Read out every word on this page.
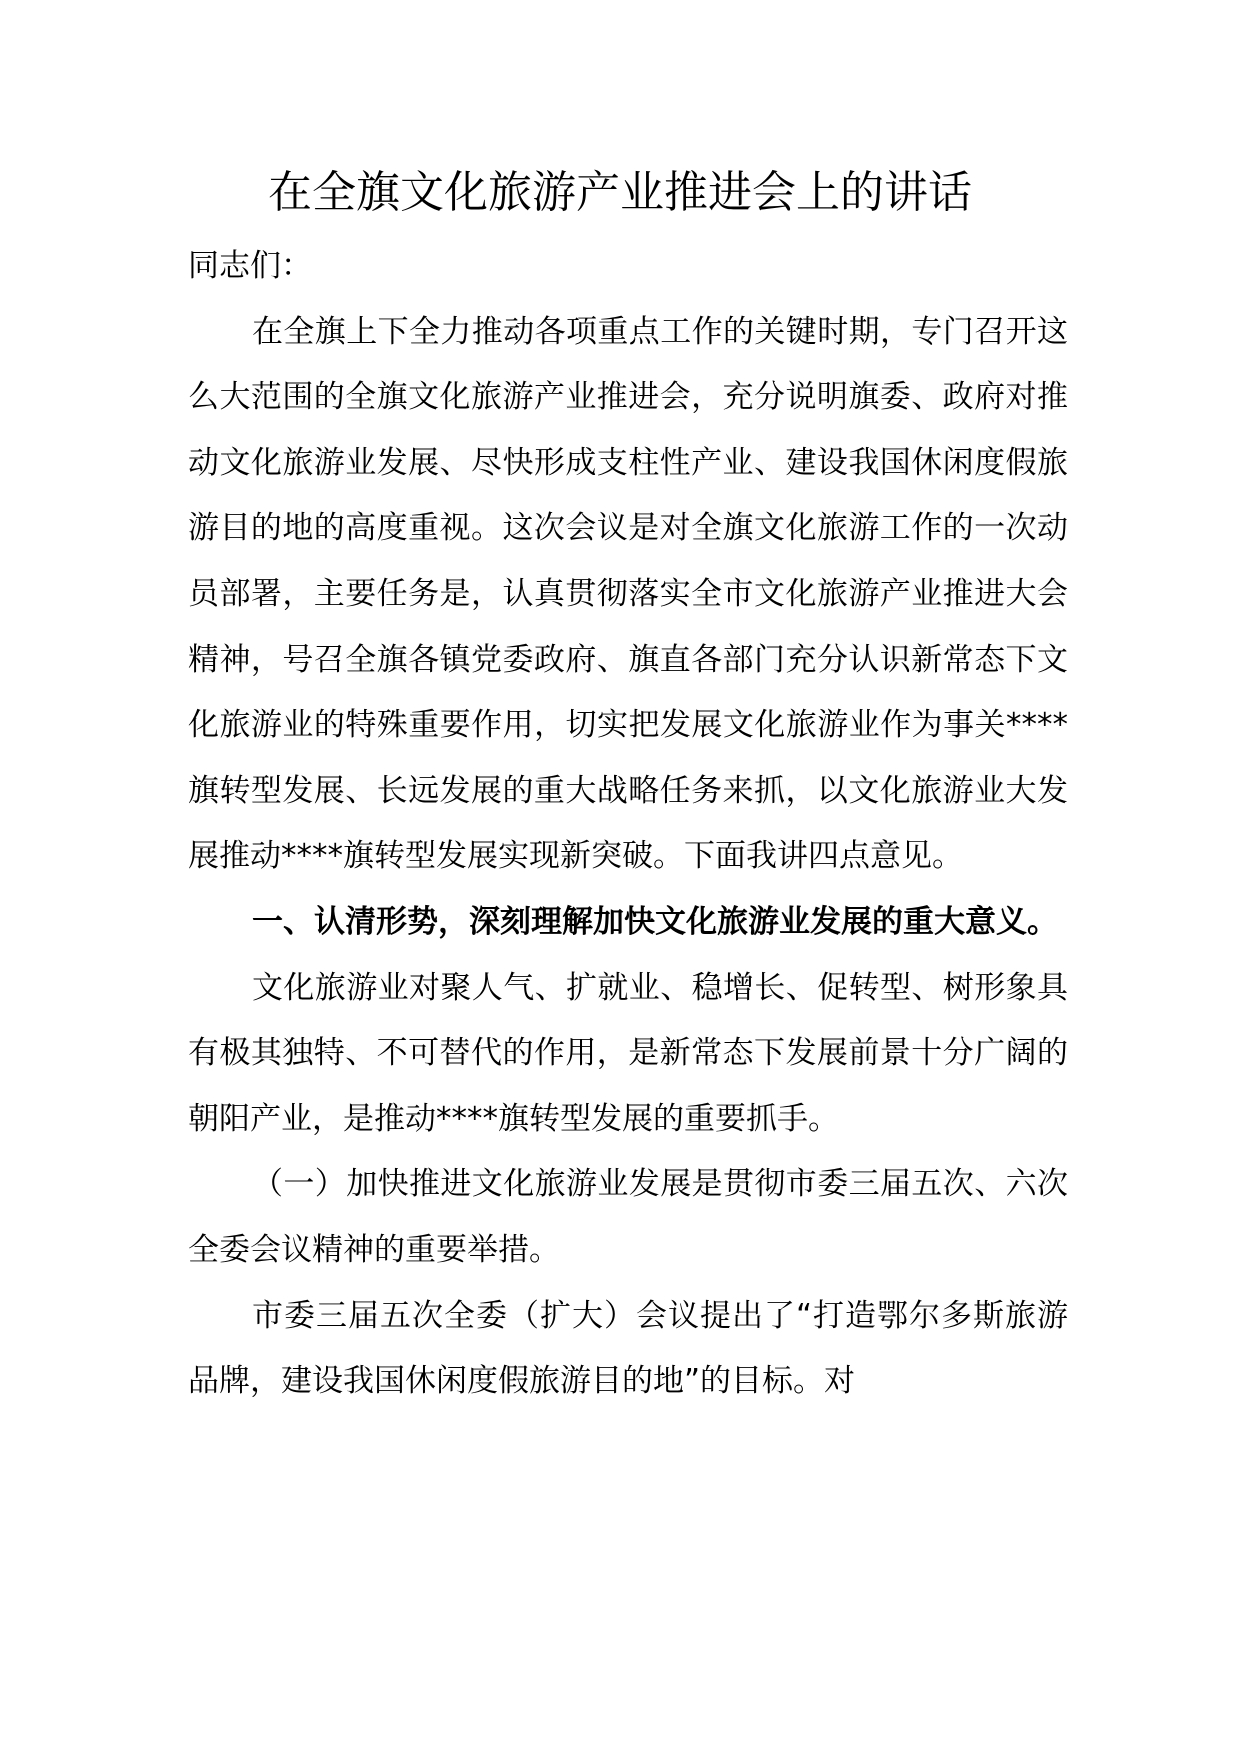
在全旗文化旅游产业推进会上的讲话

同志们：

在全旗上下全力推动各项重点工作的关键时期，专门召开这么大范围的全旗文化旅游产业推进会，充分说明旗委、政府对推动文化旅游业发展、尽快形成支柱性产业、建设我国休闲度假旅游目的地的高度重视。这次会议是对全旗文化旅游工作的一次动员部署，主要任务是，认真贯彻落实全市文化旅游产业推进大会精神，号召全旗各镇党委政府、旗直各部门充分认识新常态下文化旅游业的特殊重要作用，切实把发展文化旅游业作为事关****旗转型发展、长远发展的重大战略任务来抓，以文化旅游业大发展推动****旗转型发展实现新突破。下面我讲四点意见。

一、认清形势，深刻理解加快文化旅游业发展的重大意义。

文化旅游业对聚人气、扩就业、稳增长、促转型、树形象具有极其独特、不可替代的作用，是新常态下发展前景十分广阔的朝阳产业，是推动****旗转型发展的重要抓手。

（一）加快推进文化旅游业发展是贯彻市委三届五次、六次全委会议精神的重要举措。

市委三届五次全委（扩大）会议提出了“打造鄂尔多斯旅游品牌，建设我国休闲度假旅游目的地”的目标。对
